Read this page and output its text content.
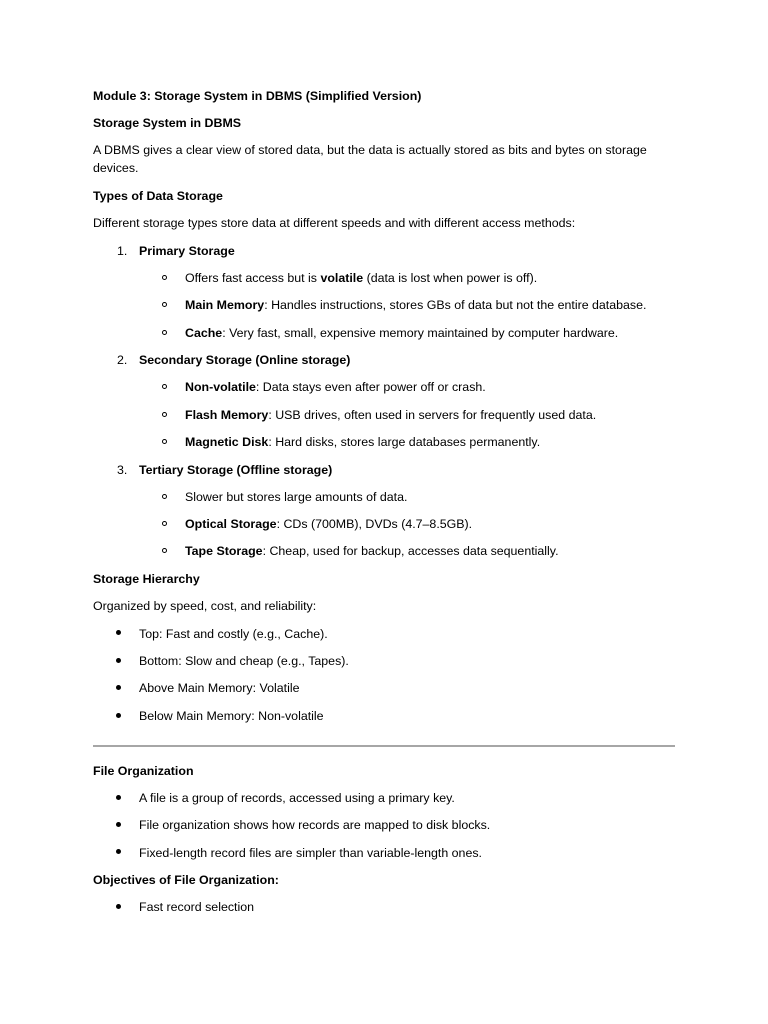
Module 3: Storage System in DBMS (Simplified Version)
Storage System in DBMS
A DBMS gives a clear view of stored data, but the data is actually stored as bits and bytes on storage
devices.
Types of Data Storage
Different storage types store data at different speeds and with different access methods:
1. Primary Storage
Offers fast access but is volatile (data is lost when power is off).
Main Memory: Handles instructions, stores GBs of data but not the entire database.
Cache: Very fast, small, expensive memory maintained by computer hardware.
2. Secondary Storage (Online storage)
Non-volatile: Data stays even after power off or crash.
Flash Memory: USB drives, often used in servers for frequently used data.
Magnetic Disk: Hard disks, stores large databases permanently.
3. Tertiary Storage (Offline storage)
Slower but stores large amounts of data.
Optical Storage: CDs (700MB), DVDs (4.7–8.5GB).
Tape Storage: Cheap, used for backup, accesses data sequentially.
Storage Hierarchy
Organized by speed, cost, and reliability:
Top: Fast and costly (e.g., Cache).
Bottom: Slow and cheap (e.g., Tapes).
Above Main Memory: Volatile
Below Main Memory: Non-volatile
File Organization
A file is a group of records, accessed using a primary key.
File organization shows how records are mapped to disk blocks.
Fixed-length record files are simpler than variable-length ones.
Objectives of File Organization:
Fast record selection
